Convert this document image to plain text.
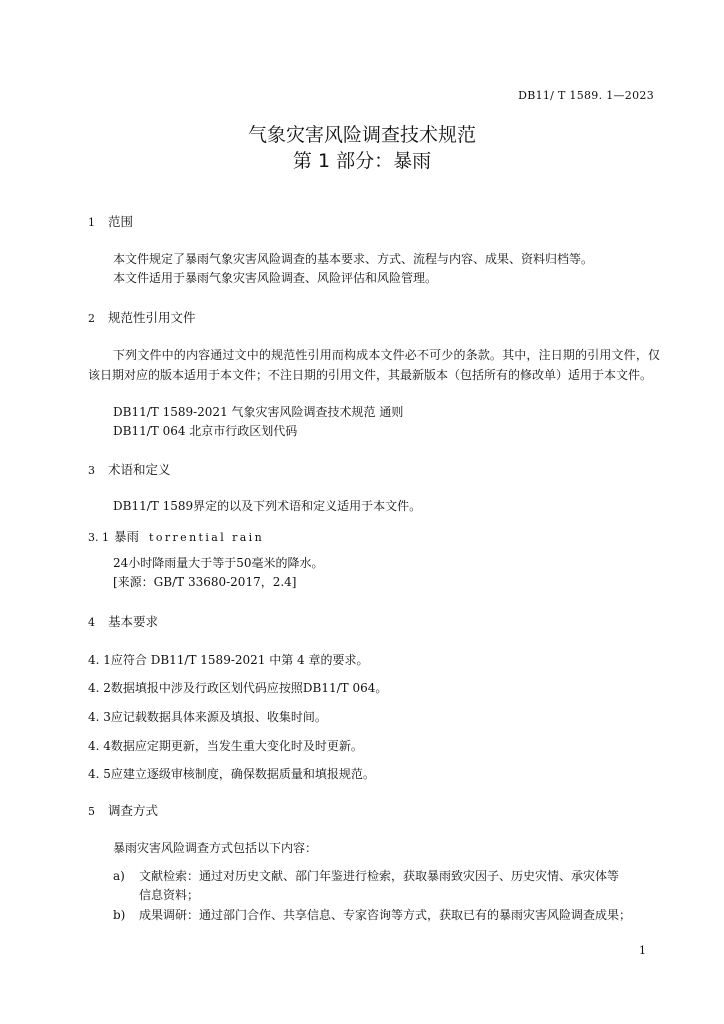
DB11/ T 1589. 1—2023
气象灾害风险调查技术规范
第 1 部分：暴雨
1 范围
本文件规定了暴雨气象灾害风险调查的基本要求、方式、流程与内容、成果、资料归档等。
本文件适用于暴雨气象灾害风险调查、风险评估和风险管理。
2 规范性引用文件
下列文件中的内容通过文中的规范性引用而构成本文件必不可少的条款。其中，注日期的引用文件，仅该日期对应的版本适用于本文件；不注日期的引用文件，其最新版本（包括所有的修改单）适用于本文件。
DB11/T 1589-2021 气象灾害风险调查技术规范 通则
DB11/T 064 北京市行政区划代码
3 术语和定义
DB11/T 1589界定的以及下列术语和定义适用于本文件。
3. 1 暴雨 torrential rain
24小时降雨量大于等于50毫米的降水。
[来源：GB/T 33680-2017，2.4]
4 基本要求
4. 1应符合 DB11/T 1589-2021 中第 4 章的要求。
4. 2数据填报中涉及行政区划代码应按照DB11/T 064。
4. 3应记载数据具体来源及填报、收集时间。
4. 4数据应定期更新，当发生重大变化时及时更新。
4. 5应建立逐级审核制度，确保数据质量和填报规范。
5 调查方式
暴雨灾害风险调查方式包括以下内容：
a) 文献检索：通过对历史文献、部门年鉴进行检索，获取暴雨致灾因子、历史灾情、承灾体等
信息资料；
b) 成果调研：通过部门合作、共享信息、专家咨询等方式，获取已有的暴雨灾害风险调查成果；
1
